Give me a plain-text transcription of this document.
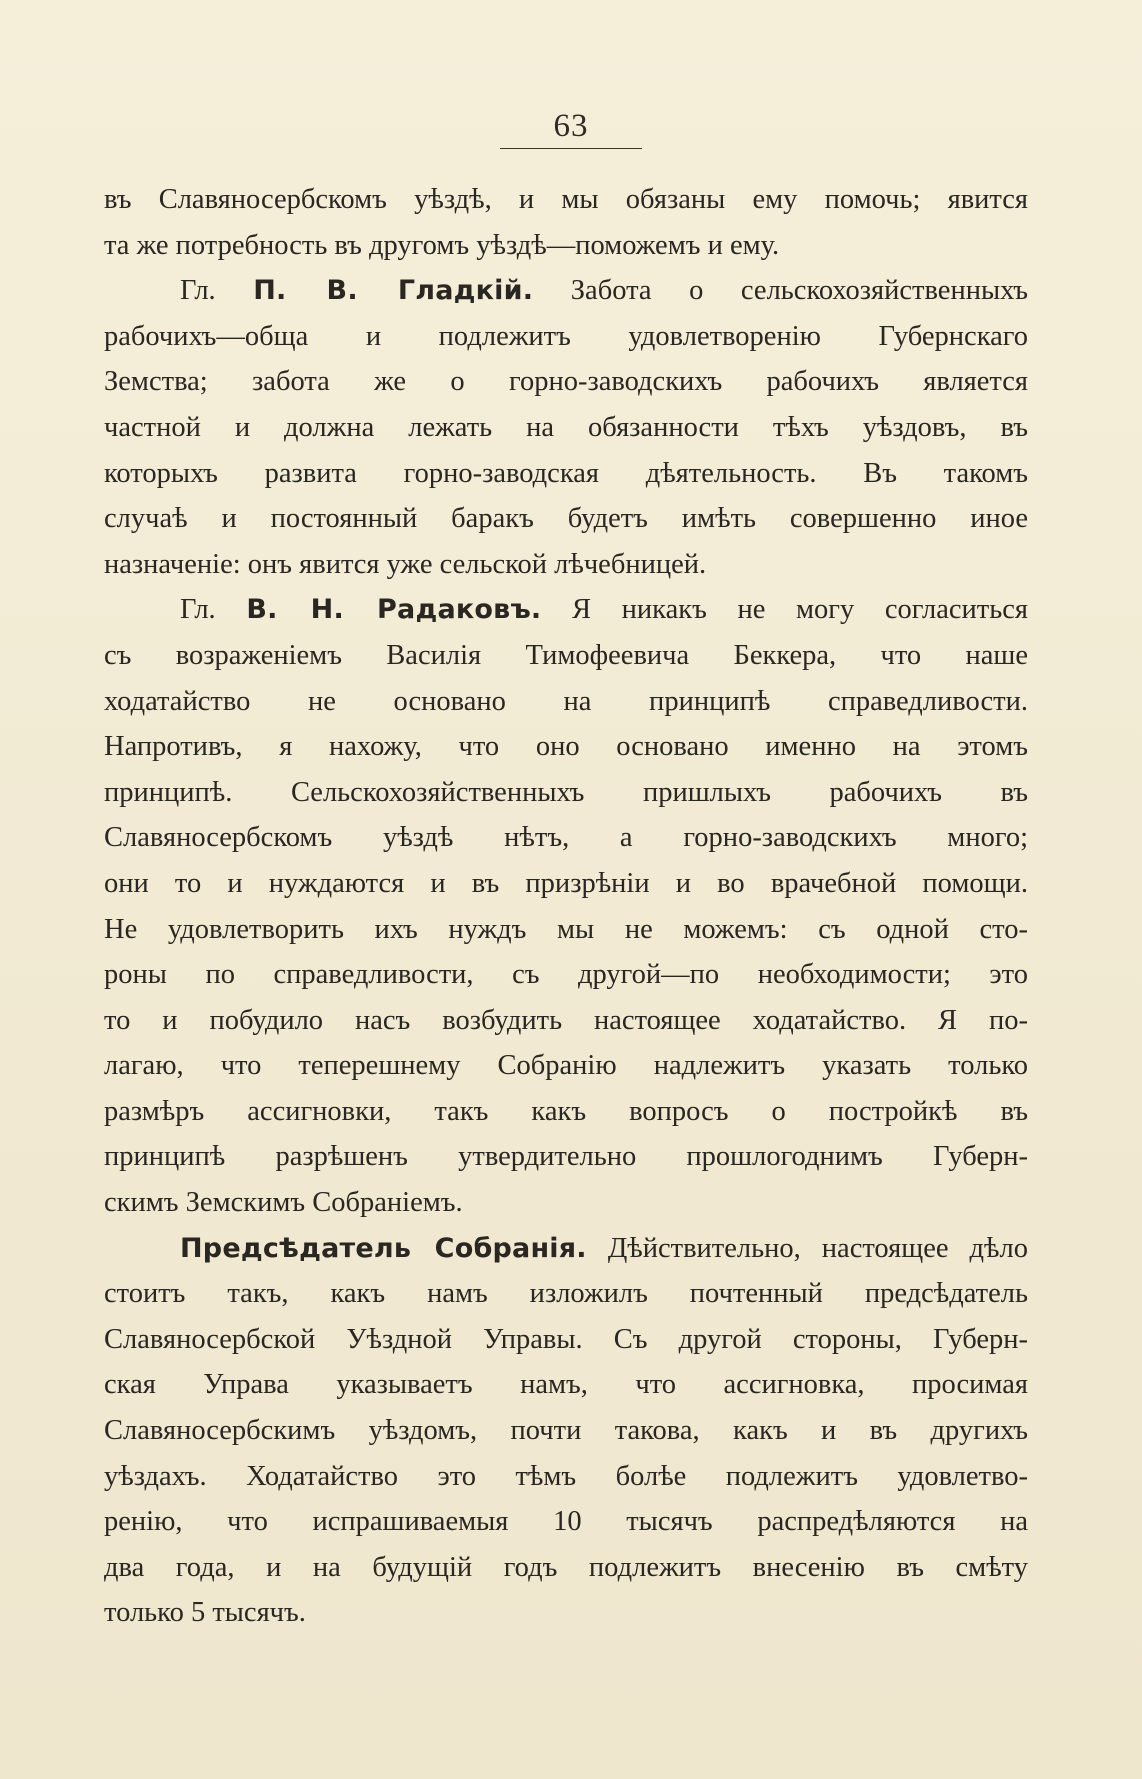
63
въ Славяносербскомъ уѣздѣ, и мы обязаны ему помочь; явится
та же потребность въ другомъ уѣздѣ—поможемъ и ему.
Гл. П. В. Гладкій. Забота о сельскохозяйственныхъ
рабочихъ—обща и подлежитъ удовлетворенію Губернскаго
Земства; забота же о горно-заводскихъ рабочихъ является
частной и должна лежать на обязанности тѣхъ уѣздовъ, въ
которыхъ развита горно-заводская дѣятельность. Въ такомъ
случаѣ и постоянный баракъ будетъ имѣть совершенно иное
назначеніе: онъ явится уже сельской лѣчебницей.
Гл. В. Н. Радаковъ. Я никакъ не могу согласиться
съ возраженіемъ Василія Тимофеевича Беккера, что наше
ходатайство не основано на принципѣ справедливости.
Напротивъ, я нахожу, что оно основано именно на этомъ
принципѣ. Сельскохозяйственныхъ пришлыхъ рабочихъ въ
Славяносербскомъ уѣздѣ нѣтъ, а горно-заводскихъ много;
они то и нуждаются и въ призрѣніи и во врачебной помощи.
Не удовлетворить ихъ нуждъ мы не можемъ: съ одной сто-
роны по справедливости, съ другой—по необходимости; это
то и побудило насъ возбудить настоящее ходатайство. Я по-
лагаю, что теперешнему Собранію надлежитъ указать только
размѣръ ассигновки, такъ какъ вопросъ о постройкѣ въ
принципѣ разрѣшенъ утвердительно прошлогоднимъ Губерн-
скимъ Земскимъ Собраніемъ.
Предсѣдатель Собранія. Дѣйствительно, настоящее дѣло
стоитъ такъ, какъ намъ изложилъ почтенный предсѣдатель
Славяносербской Уѣздной Управы. Съ другой стороны, Губерн-
ская Управа указываетъ намъ, что ассигновка, просимая
Славяносербскимъ уѣздомъ, почти такова, какъ и въ другихъ
уѣздахъ. Ходатайство это тѣмъ болѣе подлежитъ удовлетво-
ренію, что испрашиваемыя 10 тысячъ распредѣляются на
два года, и на будущій годъ подлежитъ внесенію въ смѣту
только 5 тысячъ.
